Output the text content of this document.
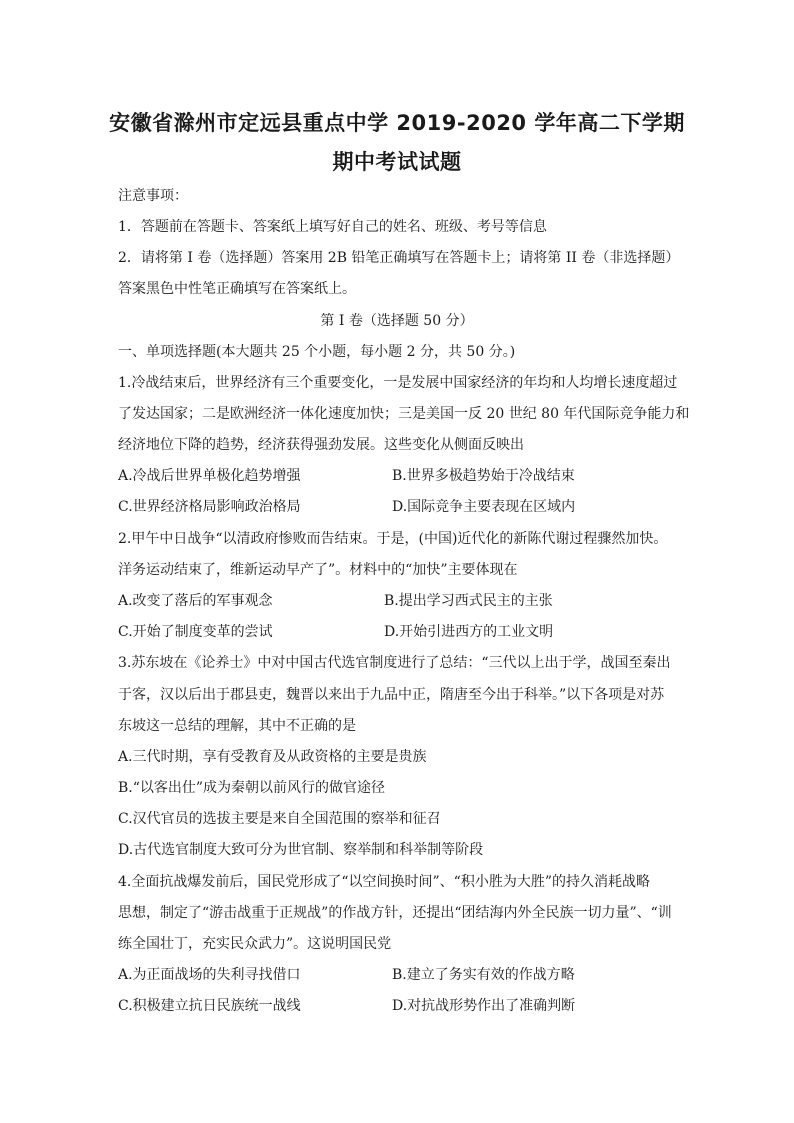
安徽省滁州市定远县重点中学 2019-2020 学年高二下学期
期中考试试题
注意事项：
1．答题前在答题卡、答案纸上填写好自己的姓名、班级、考号等信息
2．请将第 I 卷（选择题）答案用 2B 铅笔正确填写在答题卡上；请将第 II 卷（非选择题）
答案黑色中性笔正确填写在答案纸上。
第 I 卷（选择题 50 分）
一、单项选择题(本大题共 25 个小题，每小题 2 分，共 50 分。)
1.冷战结束后，世界经济有三个重要变化，一是发展中国家经济的年均和人均增长速度超过
了发达国家；二是欧洲经济一体化速度加快；三是美国一反 20 世纪 80 年代国际竞争能力和
经济地位下降的趋势，经济获得强劲发展。这些变化从侧面反映出
A.冷战后世界单极化趋势增强	B.世界多极趋势始于冷战结束
C.世界经济格局影响政治格局	D.国际竞争主要表现在区域内
2.甲午中日战争“以清政府惨败而告结束。于是，(中国)近代化的新陈代谢过程骤然加快。
洋务运动结束了，维新运动早产了”。材料中的“加快”主要体现在
A.改变了落后的军事观念	B.提出学习西式民主的主张
C.开始了制度变革的尝试	D.开始引进西方的工业文明
3.苏东坡在《论养士》中对中国古代选官制度进行了总结：“三代以上出于学，战国至秦出
于客，汉以后出于郡县吏，魏晋以来出于九品中正，隋唐至今出于科举。”以下各项是对苏
东坡这一总结的理解，其中不正确的是
A.三代时期，享有受教育及从政资格的主要是贵族
B.“以客出仕”成为秦朝以前风行的做官途径
C.汉代官员的选拔主要是来自全国范围的察举和征召
D.古代选官制度大致可分为世官制、察举制和科举制等阶段
4.全面抗战爆发前后，国民党形成了“以空间换时间”、“积小胜为大胜”的持久消耗战略
思想，制定了“游击战重于正规战”的作战方针，还提出“团结海内外全民族一切力量”、“训
练全国壮丁，充实民众武力”。这说明国民党
A.为正面战场的失利寻找借口	B.建立了务实有效的作战方略
C.积极建立抗日民族统一战线	D.对抗战形势作出了准确判断
